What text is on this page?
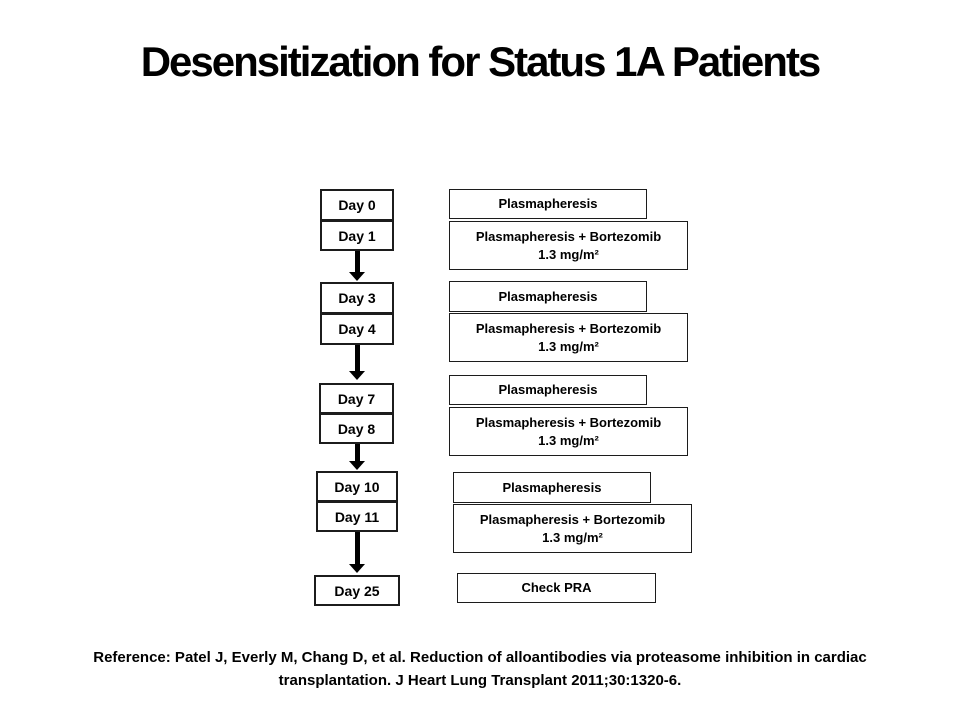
Desensitization for Status 1A Patients
Day 0
Day 1
Day 3
Day 4
Day 7
Day 8
Day 10
Day 11
Day 25
Plasmapheresis
Plasmapheresis + Bortezomib
1.3 mg/m²
Plasmapheresis
Plasmapheresis + Bortezomib
1.3 mg/m²
Plasmapheresis
Plasmapheresis + Bortezomib
1.3 mg/m²
Plasmapheresis
Plasmapheresis + Bortezomib
1.3 mg/m²
Check PRA

Reference: Patel J, Everly M, Chang D, et al. Reduction of alloantibodies via proteasome inhibition in cardiac
transplantation. J Heart Lung Transplant 2011;30:1320-6.
